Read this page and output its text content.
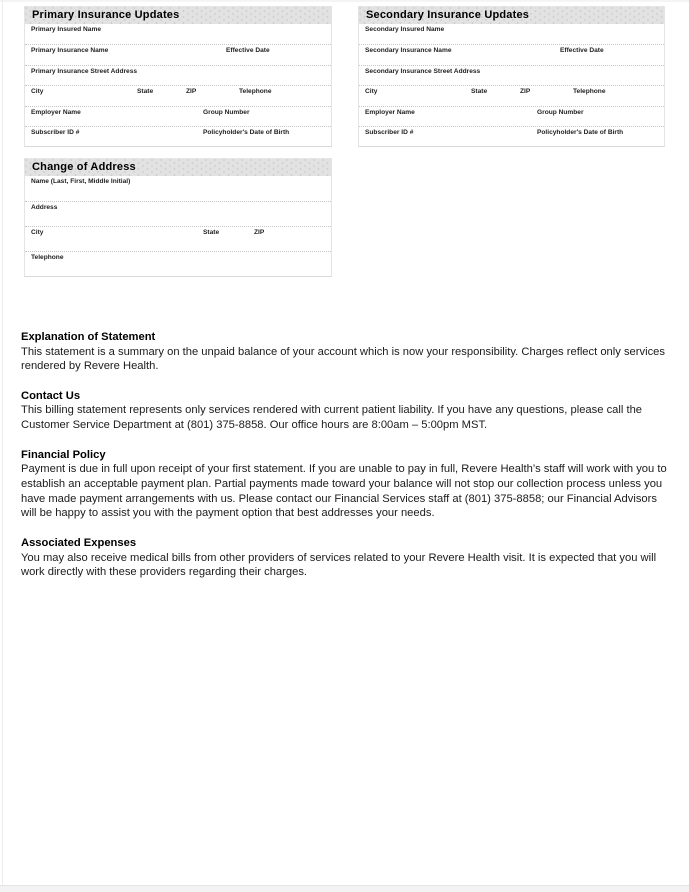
Primary Insurance Updates
Primary Insured Name
Primary Insurance Name	Effective Date
Primary Insurance Street Address
City	State	ZIP	Telephone
Employer Name	Group Number
Subscriber ID #	Policyholder's Date of Birth
Secondary Insurance Updates
Secondary Insured Name
Secondary Insurance Name	Effective Date
Secondary Insurance Street Address
City	State	ZIP	Telephone
Employer Name	Group Number
Subscriber ID #	Policyholder's Date of Birth
Change of Address
Name (Last, First, Middle Initial)
Address
City	State	ZIP
Telephone
Explanation of Statement

This statement is a summary on the unpaid balance of your account which is now your responsibility. Charges reflect only services rendered by Revere Health.

Contact Us

This billing statement represents only services rendered with current patient liability. If you have any questions, please call the Customer Service Department at (801) 375-8858. Our office hours are 8:00am – 5:00pm MST.

Financial Policy

Payment is due in full upon receipt of your first statement. If you are unable to pay in full, Revere Health’s staff will work with you to establish an acceptable payment plan. Partial payments made toward your balance will not stop our collection process unless you have made payment arrangements with us. Please contact our Financial Services staff at (801) 375-8858; our Financial Advisors will be happy to assist you with the payment option that best addresses your needs.

Associated Expenses

You may also receive medical bills from other providers of services related to your Revere Health visit. It is expected that you will work directly with these providers regarding their charges.
